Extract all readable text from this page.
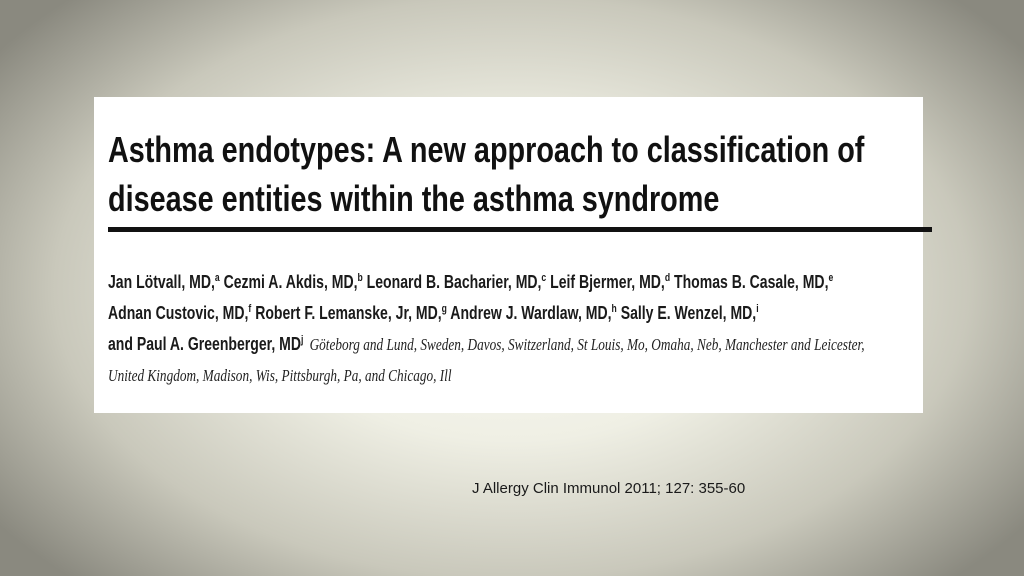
Asthma endotypes: A new approach to classification of
disease entities within the asthma syndrome
Jan Lötvall, MD,$^a$ Cezmi A. Akdis, MD,$^b$ Leonard B. Bacharier, MD,$^c$ Leif Bjermer, MD,$^d$ Thomas B. Casale, MD,$^e$
Adnan Custovic, MD,$^f$ Robert F. Lemanske, Jr, MD,$^g$ Andrew J. Wardlaw, MD,$^h$ Sally E. Wenzel, MD,$^i$
and Paul A. Greenberger, $MD^j$ Göteborg and Lund, Sweden, Davos, Switzerland, St Louis, Mo, Omaha, Neb, Manchester and Leicester,
United Kingdom, Madison, Wis, Pittsburgh, Pa, and Chicago, Ill
J Allergy Clin Immunol 2011; 127: 355-60
